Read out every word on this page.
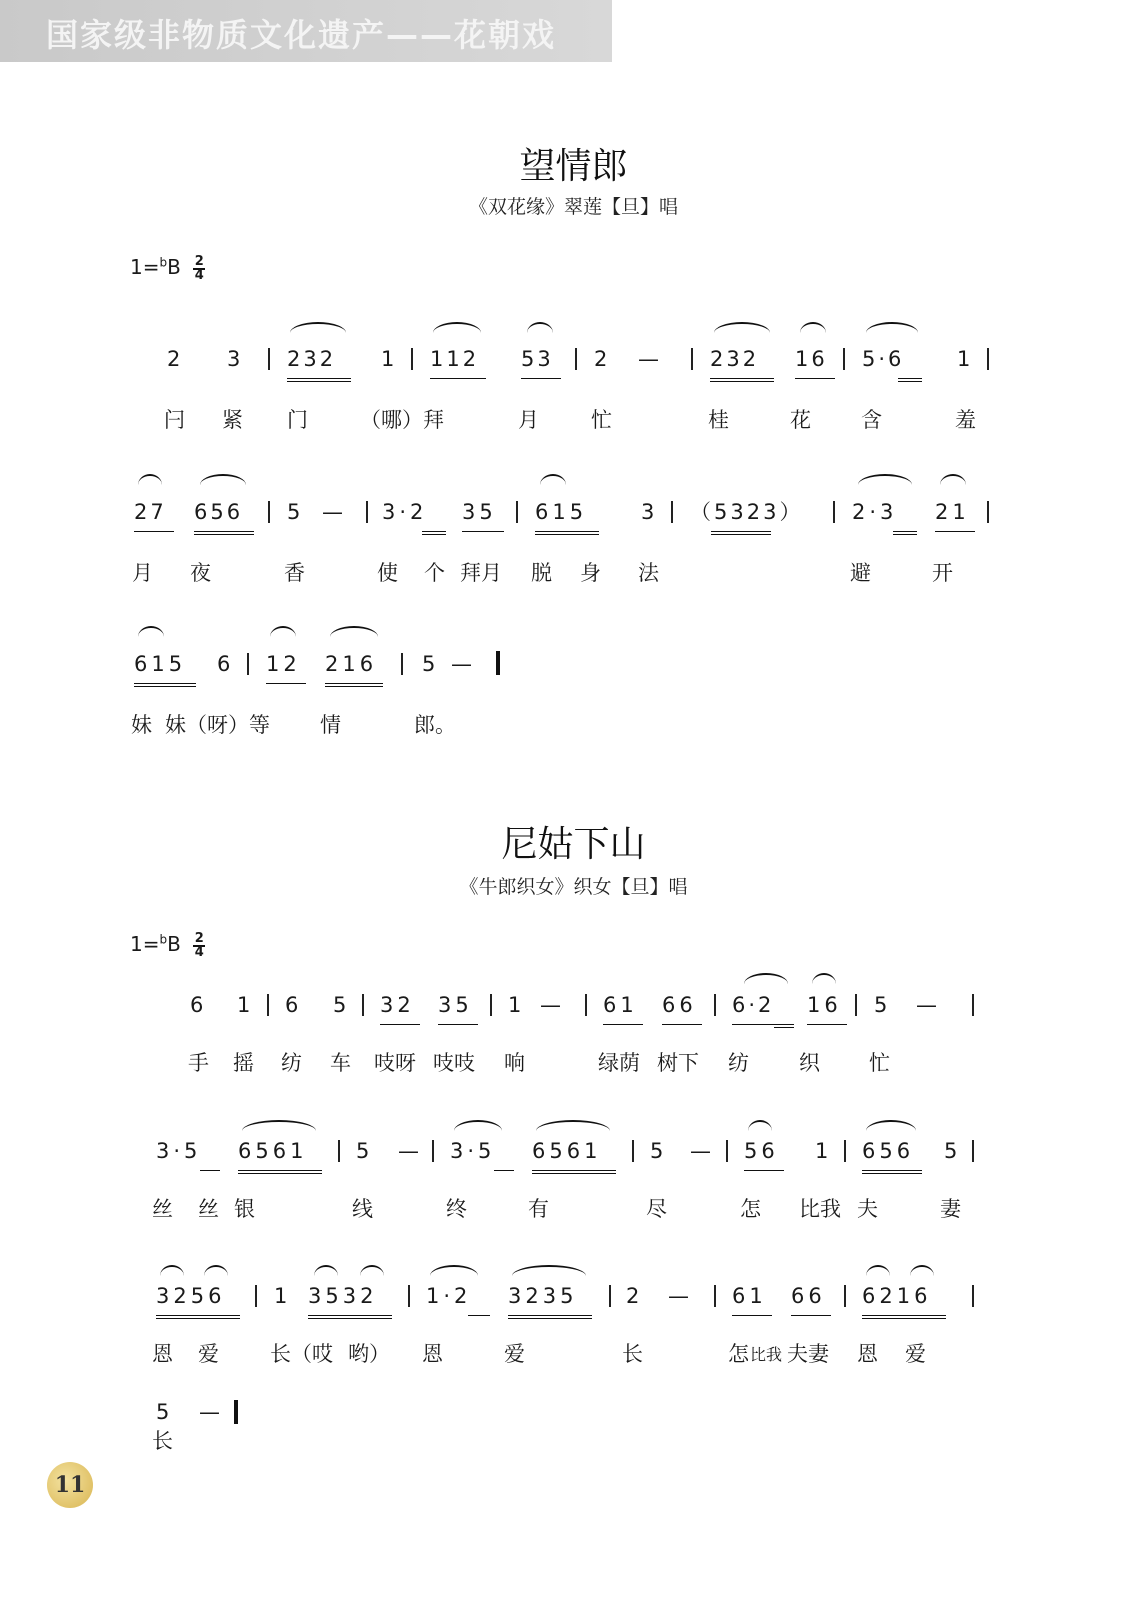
国家级非物质文化遗产——花朝戏
望情郎
《双花缘》翠莲【旦】唱
$1=^bB \frac{2}{4}$
2 3 232 1 112 53 2 — 232 16 5·6	1
闩 紧 门 （哪）拜	月 忙	桂	花 含	羞
27 656 5 — 3·2 35 615	3 （5323） 2·3 21
月 夜	香	使 个 拜月 脱 身 法	避	开
615 6 12 216 5 —
妹 妹（呀）等 情	郎。
尼姑下山
《牛郎织女》织女【旦】唱
$1=^bB \frac{2}{4}$
6 1 6 5 32 35 1 — 61 66 6·2 16 5 —
手 摇 纺 车 吱呀 吱吱 响	绿荫 树下 纺 织 忙
3·5 6561 5 — 3·5 6561 5 — 56 1 656 5
丝 丝 银	线	终	有	尽	怎 比我 夫	妻
3256 1 3532 1·2 3235 2 — 61 66 6216
恩 爱 长（哎 哟） 恩	爱	长	怎 比我 夫妻 恩 爱
5 —
长
11
